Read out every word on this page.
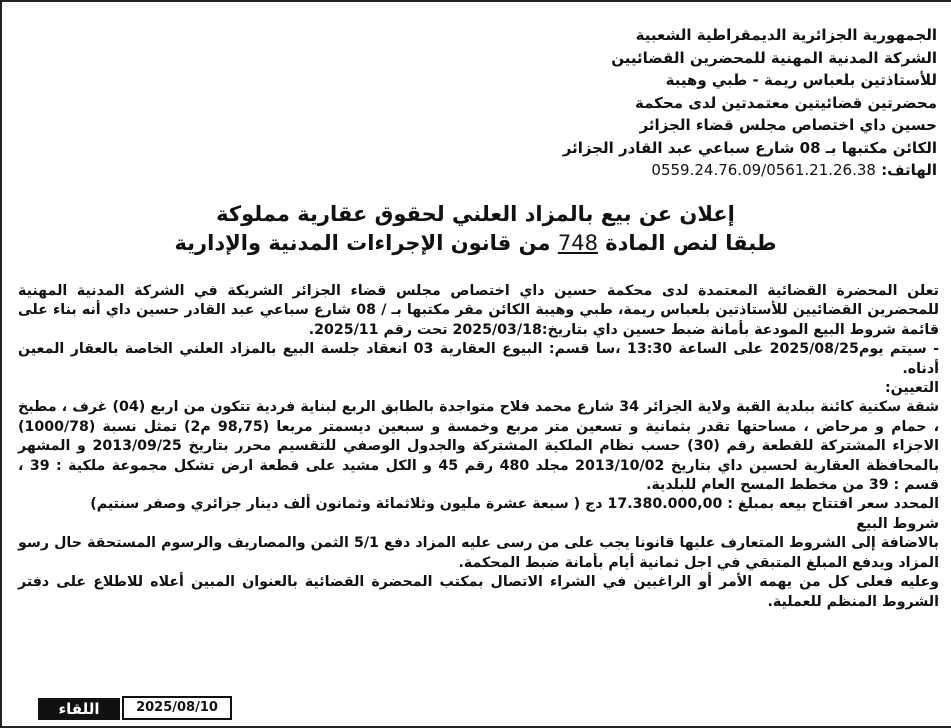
الجمهورية الجزائرية الديمقراطية الشعبية
الشركة المدنية المهنية للمحضرين القضائيين
للأستاذتين بلعباس ريمة - طبي وهيبة
محضرتين قضائيتين معتمدتين لدى محكمة
حسين داي اختصاص مجلس قضاء الجزائر
الكائن مكتبها بـ 08 شارع سباعي عبد القادر الجزائر
الهاتف: 0559.24.76.09/0561.21.26.38
إعلان عن بيع بالمزاد العلني لحقوق عقارية مملوكة
طبقا لنص المادة 748 من قانون الإجراءات المدنية والإدارية

تعلن المحضرة القضائية المعتمدة لدى محكمة حسين داي اختصاص مجلس قضاء الجزائر الشريكة في الشركة المدنية المهنية للمحضرين القضائيين للأستاذتين بلعباس ريمة، طبي وهيبة الكائن مقر مكتبها بـ / 08 شارع سباعي عبد القادر حسين داي أنه بناء على قائمة شروط البيع المودعة بأمانة ضبط حسين داي بتاريخ:2025/03/18 تحت رقم 2025/11.

- سيتم يوم2025/08/25 على الساعة 13:30 ،سا قسم: البيوع العقارية 03 انعقاد جلسة البيع بالمزاد العلني الخاصة بالعقار المعين أدناه.

التعيين:

شقة سكنية كائنة ببلدية القبة ولاية الجزائر 34 شارع محمد فلاح متواجدة بالطابق الربع لبناية فردية تتكون من اربع (04) غرف ، مطبخ ، حمام و مرحاض ، مساحتها تقدر بثمانية و تسعين متر مربع وخمسة و سبعين ديسمتر مربعا (98,75 م2) تمثل نسبة (1000/78) الاجزاء المشتركة للقطعة رقم (30) حسب نظام الملكية المشتركة والجدول الوصفي للتقسيم محرر بتاريخ 2013/09/25 و المشهر بالمحافظة العقارية لحسين داي بتاريخ 2013/10/02 مجلد 480 رقم 45 و الكل مشيد على قطعة ارض تشكل مجموعة ملكية : 39 ، قسم : 39 من مخطط المسح العام للبلدية.

المحدد سعر افتتاح بيعه بمبلغ : 17.380.000,00 دج ( سبعة عشرة مليون وثلاثمائة وثمانون ألف دينار جزائري وصفر سنتيم)

شروط البيع

بالاضافة إلى الشروط المتعارف عليها قانونا يجب على من رسى عليه المزاد دفع 5/1 الثمن والمصاريف والرسوم المستحقة حال رسو المزاد ويدفع المبلغ المتبقي في اجل ثمانية أيام بأمانة ضبط المحكمة.

وعليه فعلى كل من يهمه الأمر أو الراغبين في الشراء الاتصال بمكتب المحضرة القضائية بالعنوان المبين أعلاه للاطلاع على دفتر الشروط المنظم للعملية.

2025/08/10
اللقاء
